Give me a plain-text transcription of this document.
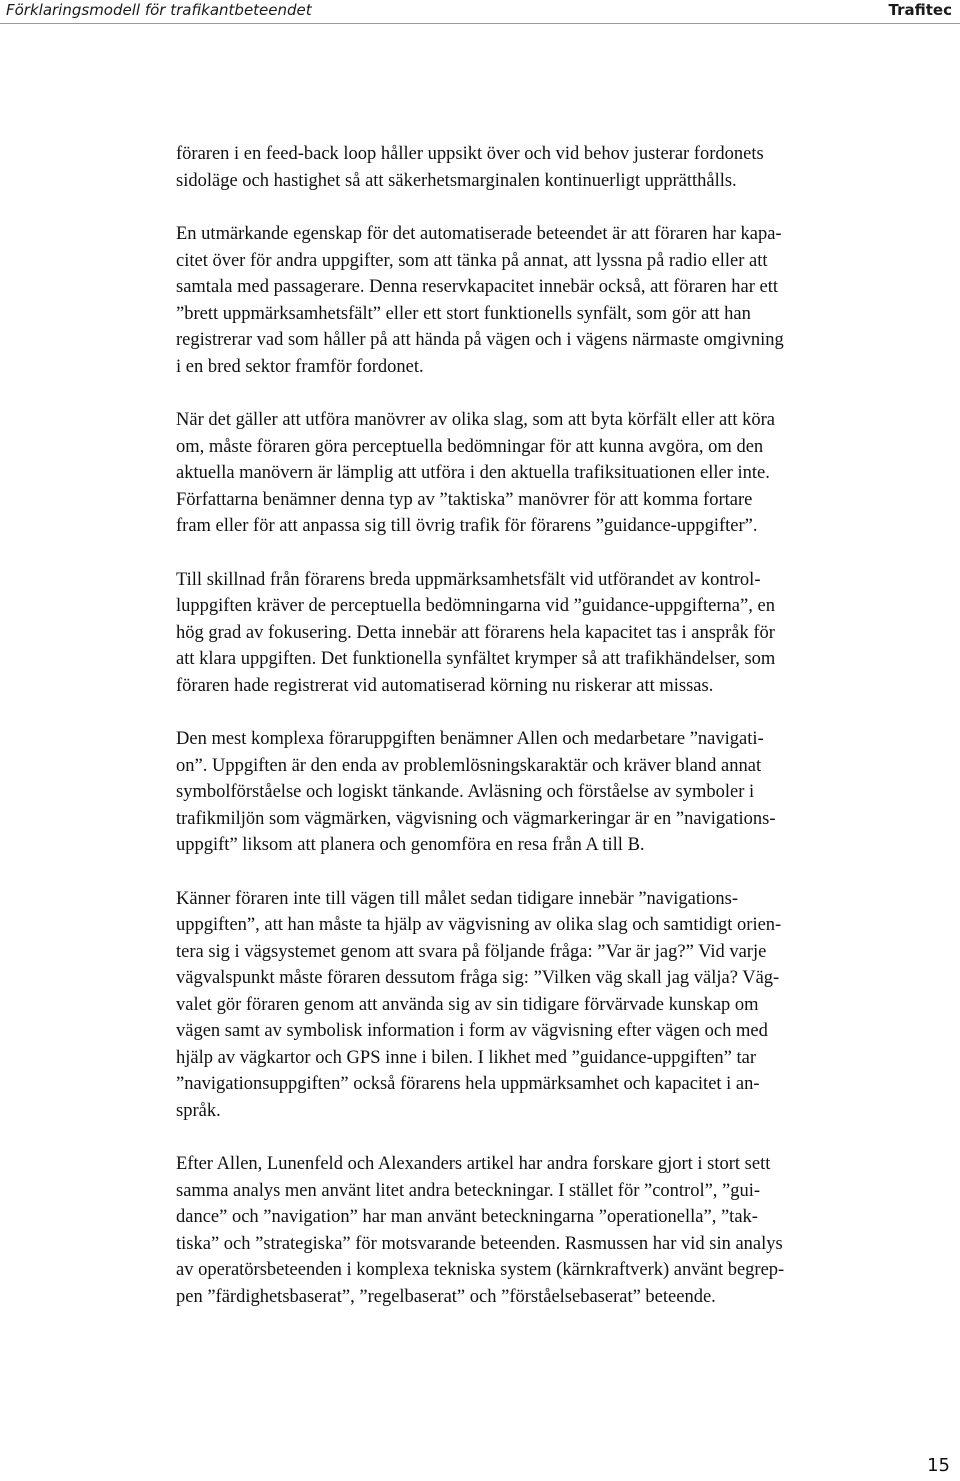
Förklaringsmodell för trafikantbeteendet	Trafitec

föraren i en feed-back loop håller uppsikt över och vid behov justerar fordonets
sidoläge och hastighet så att säkerhetsmarginalen kontinuerligt upprätthålls.

En utmärkande egenskap för det automatiserade beteendet är att föraren har kapa-
citet över för andra uppgifter, som att tänka på annat, att lyssna på radio eller att
samtala med passagerare. Denna reservkapacitet innebär också, att föraren har ett
”brett uppmärksamhetsfält” eller ett stort funktionells synfält, som gör att han
registrerar vad som håller på att hända på vägen och i vägens närmaste omgivning
i en bred sektor framför fordonet.

När det gäller att utföra manövrer av olika slag, som att byta körfält eller att köra
om, måste föraren göra perceptuella bedömningar för att kunna avgöra, om den
aktuella manövern är lämplig att utföra i den aktuella trafiksituationen eller inte.
Författarna benämner denna typ av ”taktiska” manövrer för att komma fortare
fram eller för att anpassa sig till övrig trafik för förarens ”guidance-uppgifter”.

Till skillnad från förarens breda uppmärksamhetsfält vid utförandet av kontrol-
luppgiften kräver de perceptuella bedömningarna vid ”guidance-uppgifterna”, en
hög grad av fokusering. Detta innebär att förarens hela kapacitet tas i anspråk för
att klara uppgiften. Det funktionella synfältet krymper så att trafikhändelser, som
föraren hade registrerat vid automatiserad körning nu riskerar att missas.

Den mest komplexa föraruppgiften benämner Allen och medarbetare ”navigati-
on”. Uppgiften är den enda av problemlösningskaraktär och kräver bland annat
symbolförståelse och logiskt tänkande. Avläsning och förståelse av symboler i
trafikmiljön som vägmärken, vägvisning och vägmarkeringar är en ”navigations-
uppgift” liksom att planera och genomföra en resa från A till B.

Känner föraren inte till vägen till målet sedan tidigare innebär ”navigations-
uppgiften”, att han måste ta hjälp av vägvisning av olika slag och samtidigt orien-
tera sig i vägsystemet genom att svara på följande fråga: ”Var är jag?” Vid varje
vägvalspunkt måste föraren dessutom fråga sig: ”Vilken väg skall jag välja? Väg-
valet gör föraren genom att använda sig av sin tidigare förvärvade kunskap om
vägen samt av symbolisk information i form av vägvisning efter vägen och med
hjälp av vägkartor och GPS inne i bilen. I likhet med ”guidance-uppgiften” tar
”navigationsuppgiften” också förarens hela uppmärksamhet och kapacitet i an-
språk.

Efter Allen, Lunenfeld och Alexanders artikel har andra forskare gjort i stort sett
samma analys men använt litet andra beteckningar. I stället för ”control”, ”gui-
dance” och ”navigation” har man använt beteckningarna ”operationella”, ”tak-
tiska” och ”strategiska” för motsvarande beteenden. Rasmussen har vid sin analys
av operatörsbeteenden i komplexa tekniska system (kärnkraftverk) använt begrep-
pen ”färdighetsbaserat”, ”regelbaserat” och ”förståelsebaserat” beteende.

15
